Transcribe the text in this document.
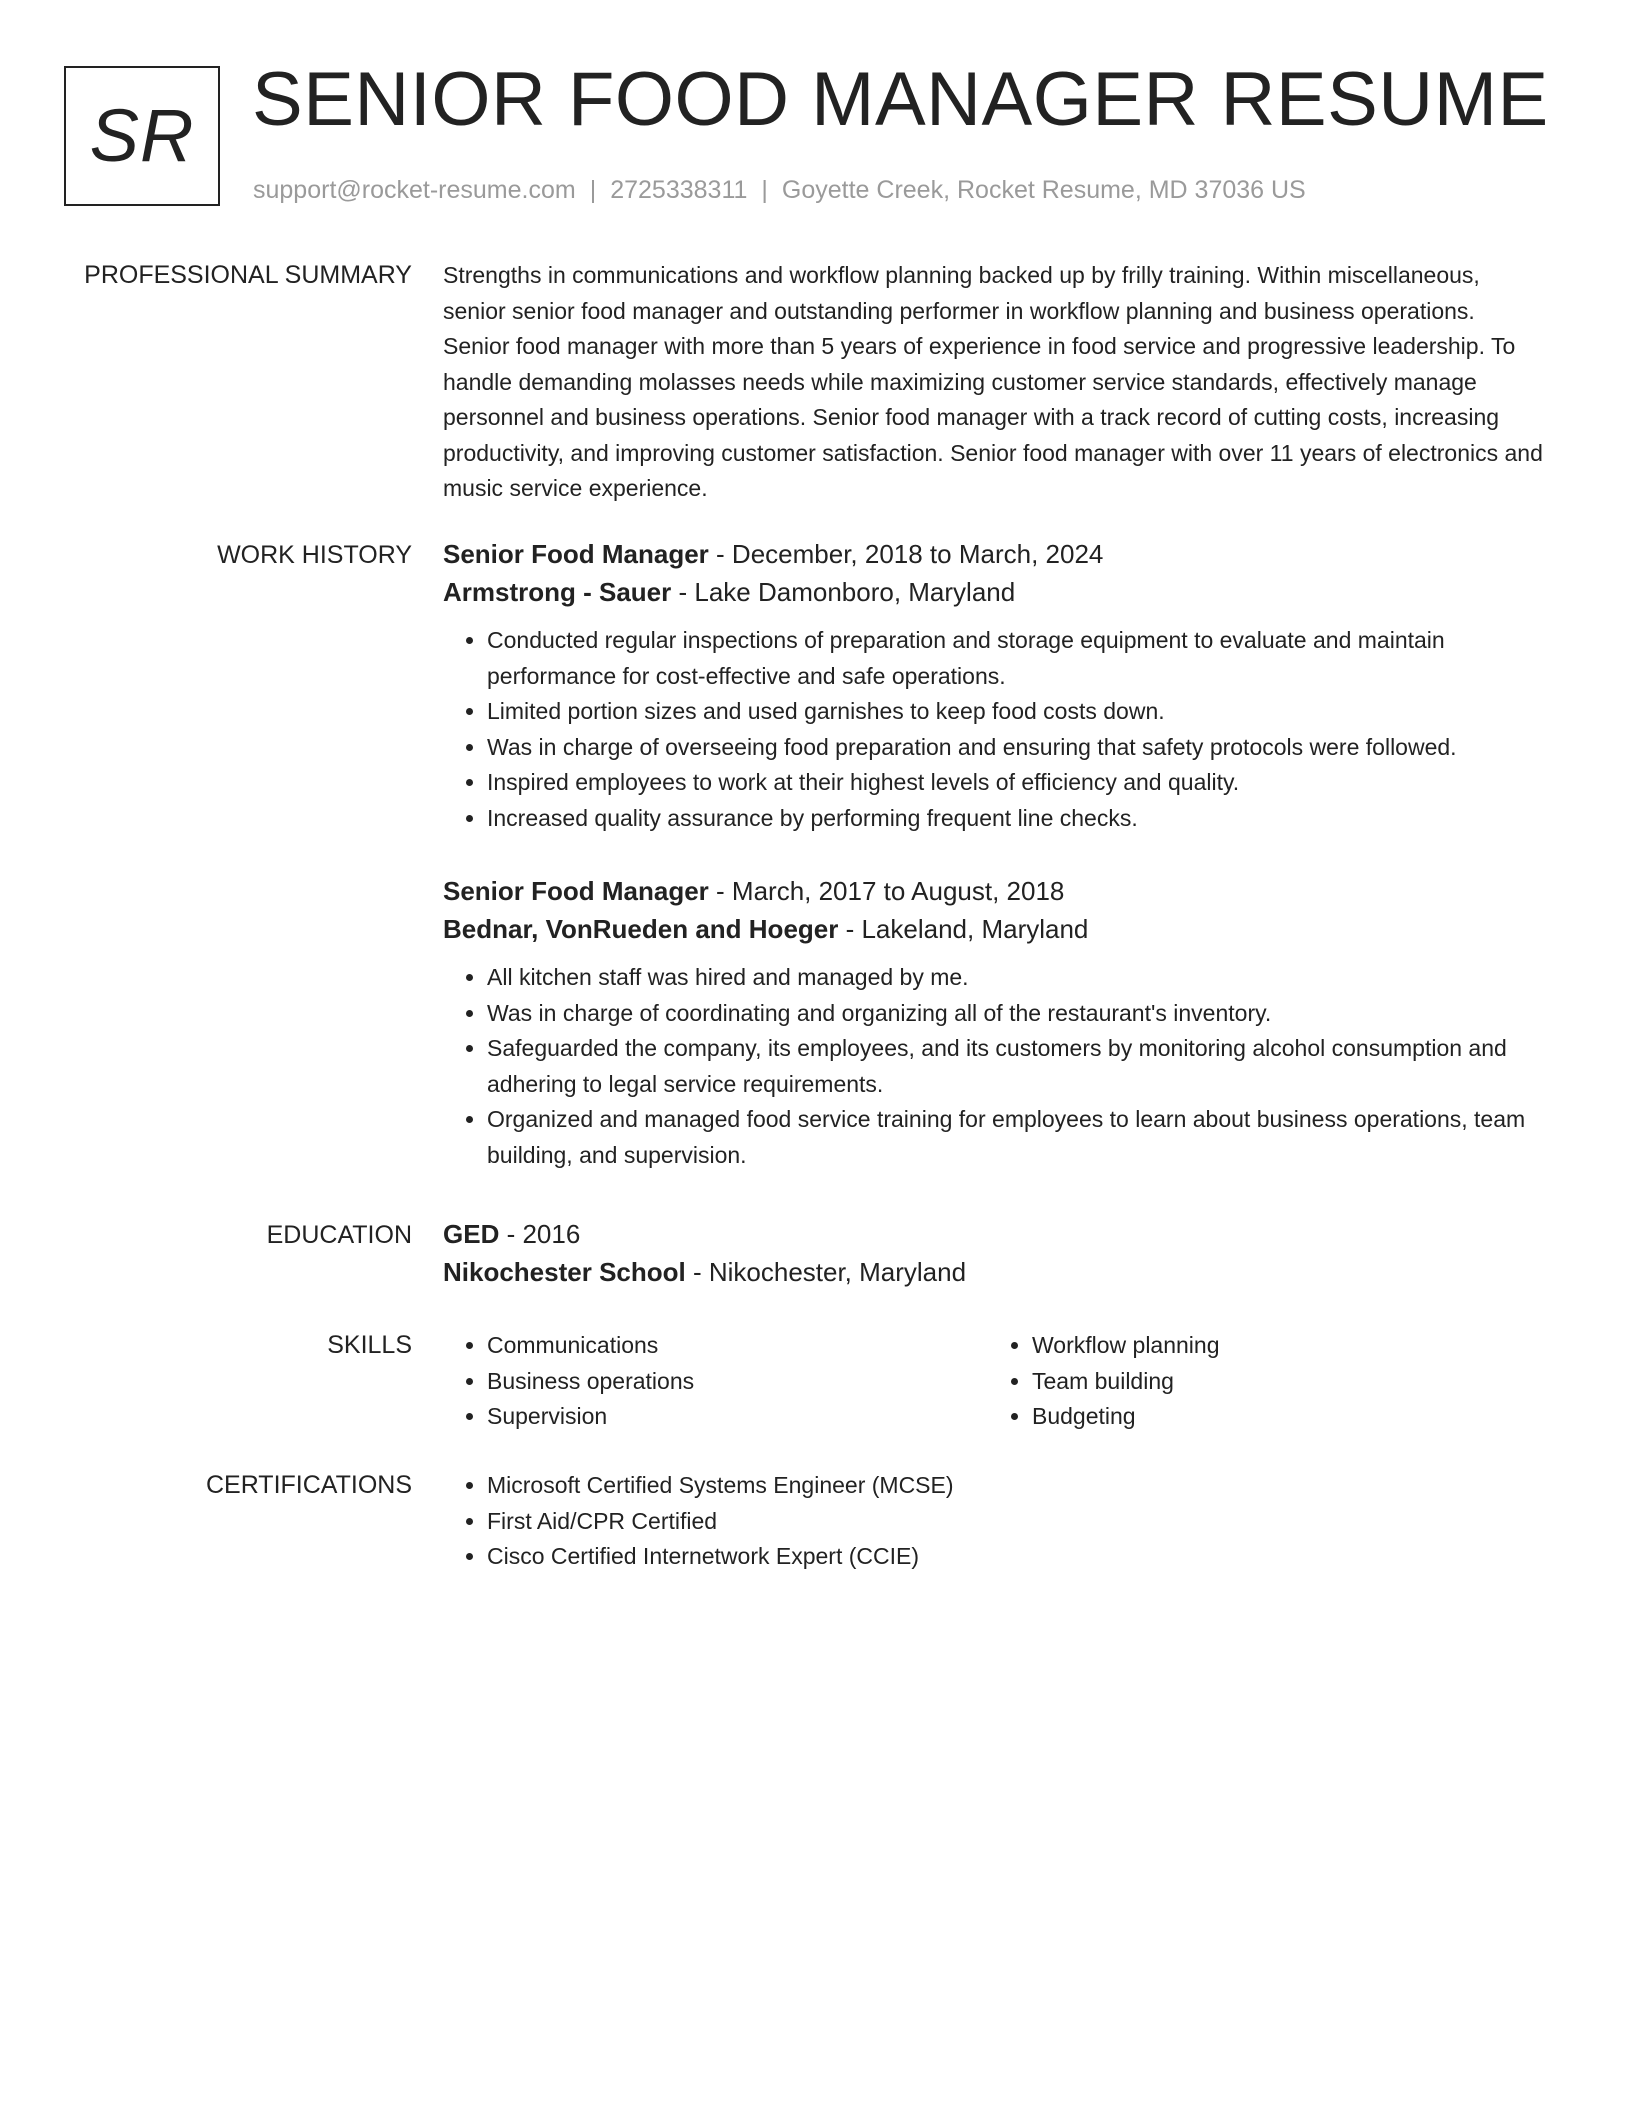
SR SENIOR FOOD MANAGER RESUME
support@rocket-resume.com | 2725338311 | Goyette Creek, Rocket Resume, MD 37036 US
PROFESSIONAL SUMMARY Strengths in communications and workflow planning backed up by frilly training. Within miscellaneous, senior senior food manager and outstanding performer in workflow planning and business operations. Senior food manager with more than 5 years of experience in food service and progressive leadership. To handle demanding molasses needs while maximizing customer service standards, effectively manage personnel and business operations. Senior food manager with a track record of cutting costs, increasing productivity, and improving customer satisfaction. Senior food manager with over 11 years of electronics and music service experience.

WORK HISTORY Senior Food Manager - December, 2018 to March, 2024
Armstrong - Sauer - Lake Damonboro, Maryland
• Conducted regular inspections of preparation and storage equipment to evaluate and maintain performance for cost-effective and safe operations.
• Limited portion sizes and used garnishes to keep food costs down.
• Was in charge of overseeing food preparation and ensuring that safety protocols were followed.
• Inspired employees to work at their highest levels of efficiency and quality.
• Increased quality assurance by performing frequent line checks.
Senior Food Manager - March, 2017 to August, 2018
Bednar, VonRueden and Hoeger - Lakeland, Maryland
• All kitchen staff was hired and managed by me.
• Was in charge of coordinating and organizing all of the restaurant's inventory.
• Safeguarded the company, its employees, and its customers by monitoring alcohol consumption and adhering to legal service requirements.
• Organized and managed food service training for employees to learn about business operations, team building, and supervision.
EDUCATION GED - 2016
Nikochester School - Nikochester, Maryland
SKILLS	• Communications
• Business operations
• Supervision
• Workflow planning
• Team building
• Budgeting
CERTIFICATIONS	• Microsoft Certified Systems Engineer (MCSE)
• First Aid/CPR Certified
• Cisco Certified Internetwork Expert (CCIE)
